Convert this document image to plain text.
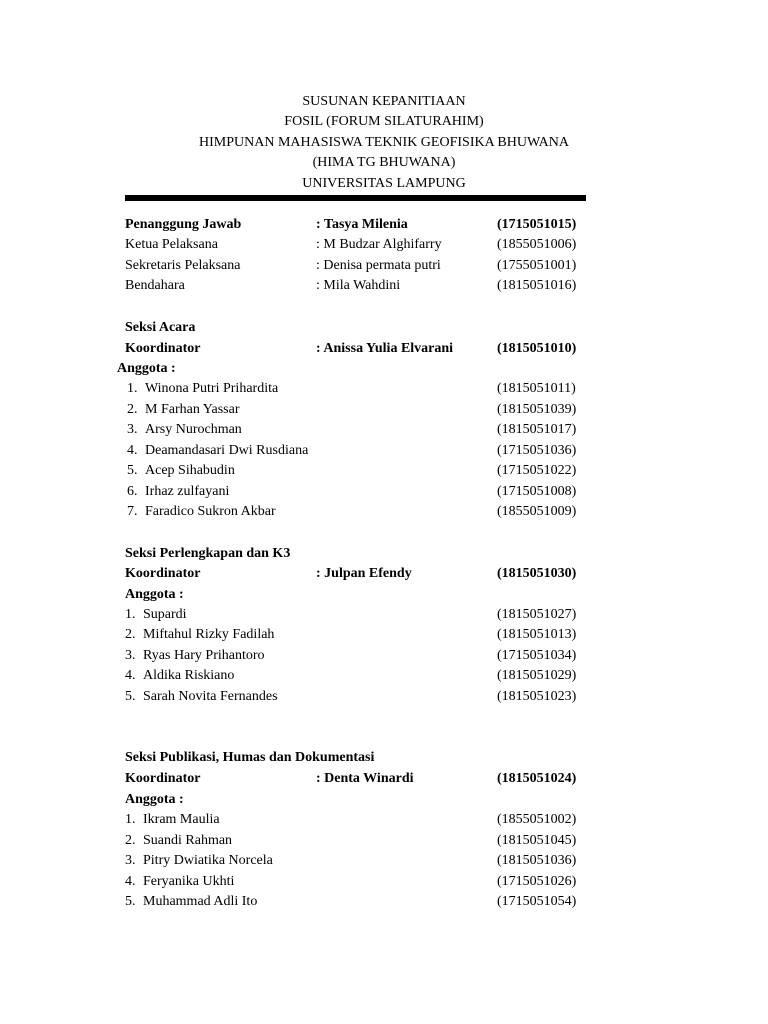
SUSUNAN KEPANITIAAN
FOSIL (FORUM SILATURAHIM)
HIMPUNAN MAHASISWA TEKNIK GEOFISIKA BHUWANA
(HIMA TG BHUWANA)
UNIVERSITAS LAMPUNG
Penanggung Jawab	: Tasya Milenia	(1715051015)
Ketua Pelaksana	: M Budzar Alghifarry	(1855051006)
Sekretaris Pelaksana	: Denisa permata putri	(1755051001)
Bendahara	: Mila Wahdini	(1815051016)
Seksi Acara
Koordinator	: Anissa Yulia Elvarani	(1815051010)
Anggota :
1. Winona Putri Prihardita	(1815051011)
2. M Farhan Yassar	(1815051039)
3. Arsy Nurochman	(1815051017)
4. Deamandasari Dwi Rusdiana	(1715051036)
5. Acep Sihabudin	(1715051022)
6. Irhaz zulfayani	(1715051008)
7. Faradico Sukron Akbar	(1855051009)
Seksi Perlengkapan dan K3
Koordinator	: Julpan Efendy	(1815051030)
Anggota :
1. Supardi	(1815051027)
2. Miftahul Rizky Fadilah	(1815051013)
3. Ryas Hary Prihantoro	(1715051034)
4. Aldika Riskiano	(1815051029)
5. Sarah Novita Fernandes	(1815051023)
Seksi Publikasi, Humas dan Dokumentasi
Koordinator	: Denta Winardi	(1815051024)
Anggota :
1. Ikram Maulia	(1855051002)
2. Suandi Rahman	(1815051045)
3. Pitry Dwiatika Norcela	(1815051036)
4. Feryanika Ukhti	(1715051026)
5. Muhammad Adli Ito	(1715051054)
